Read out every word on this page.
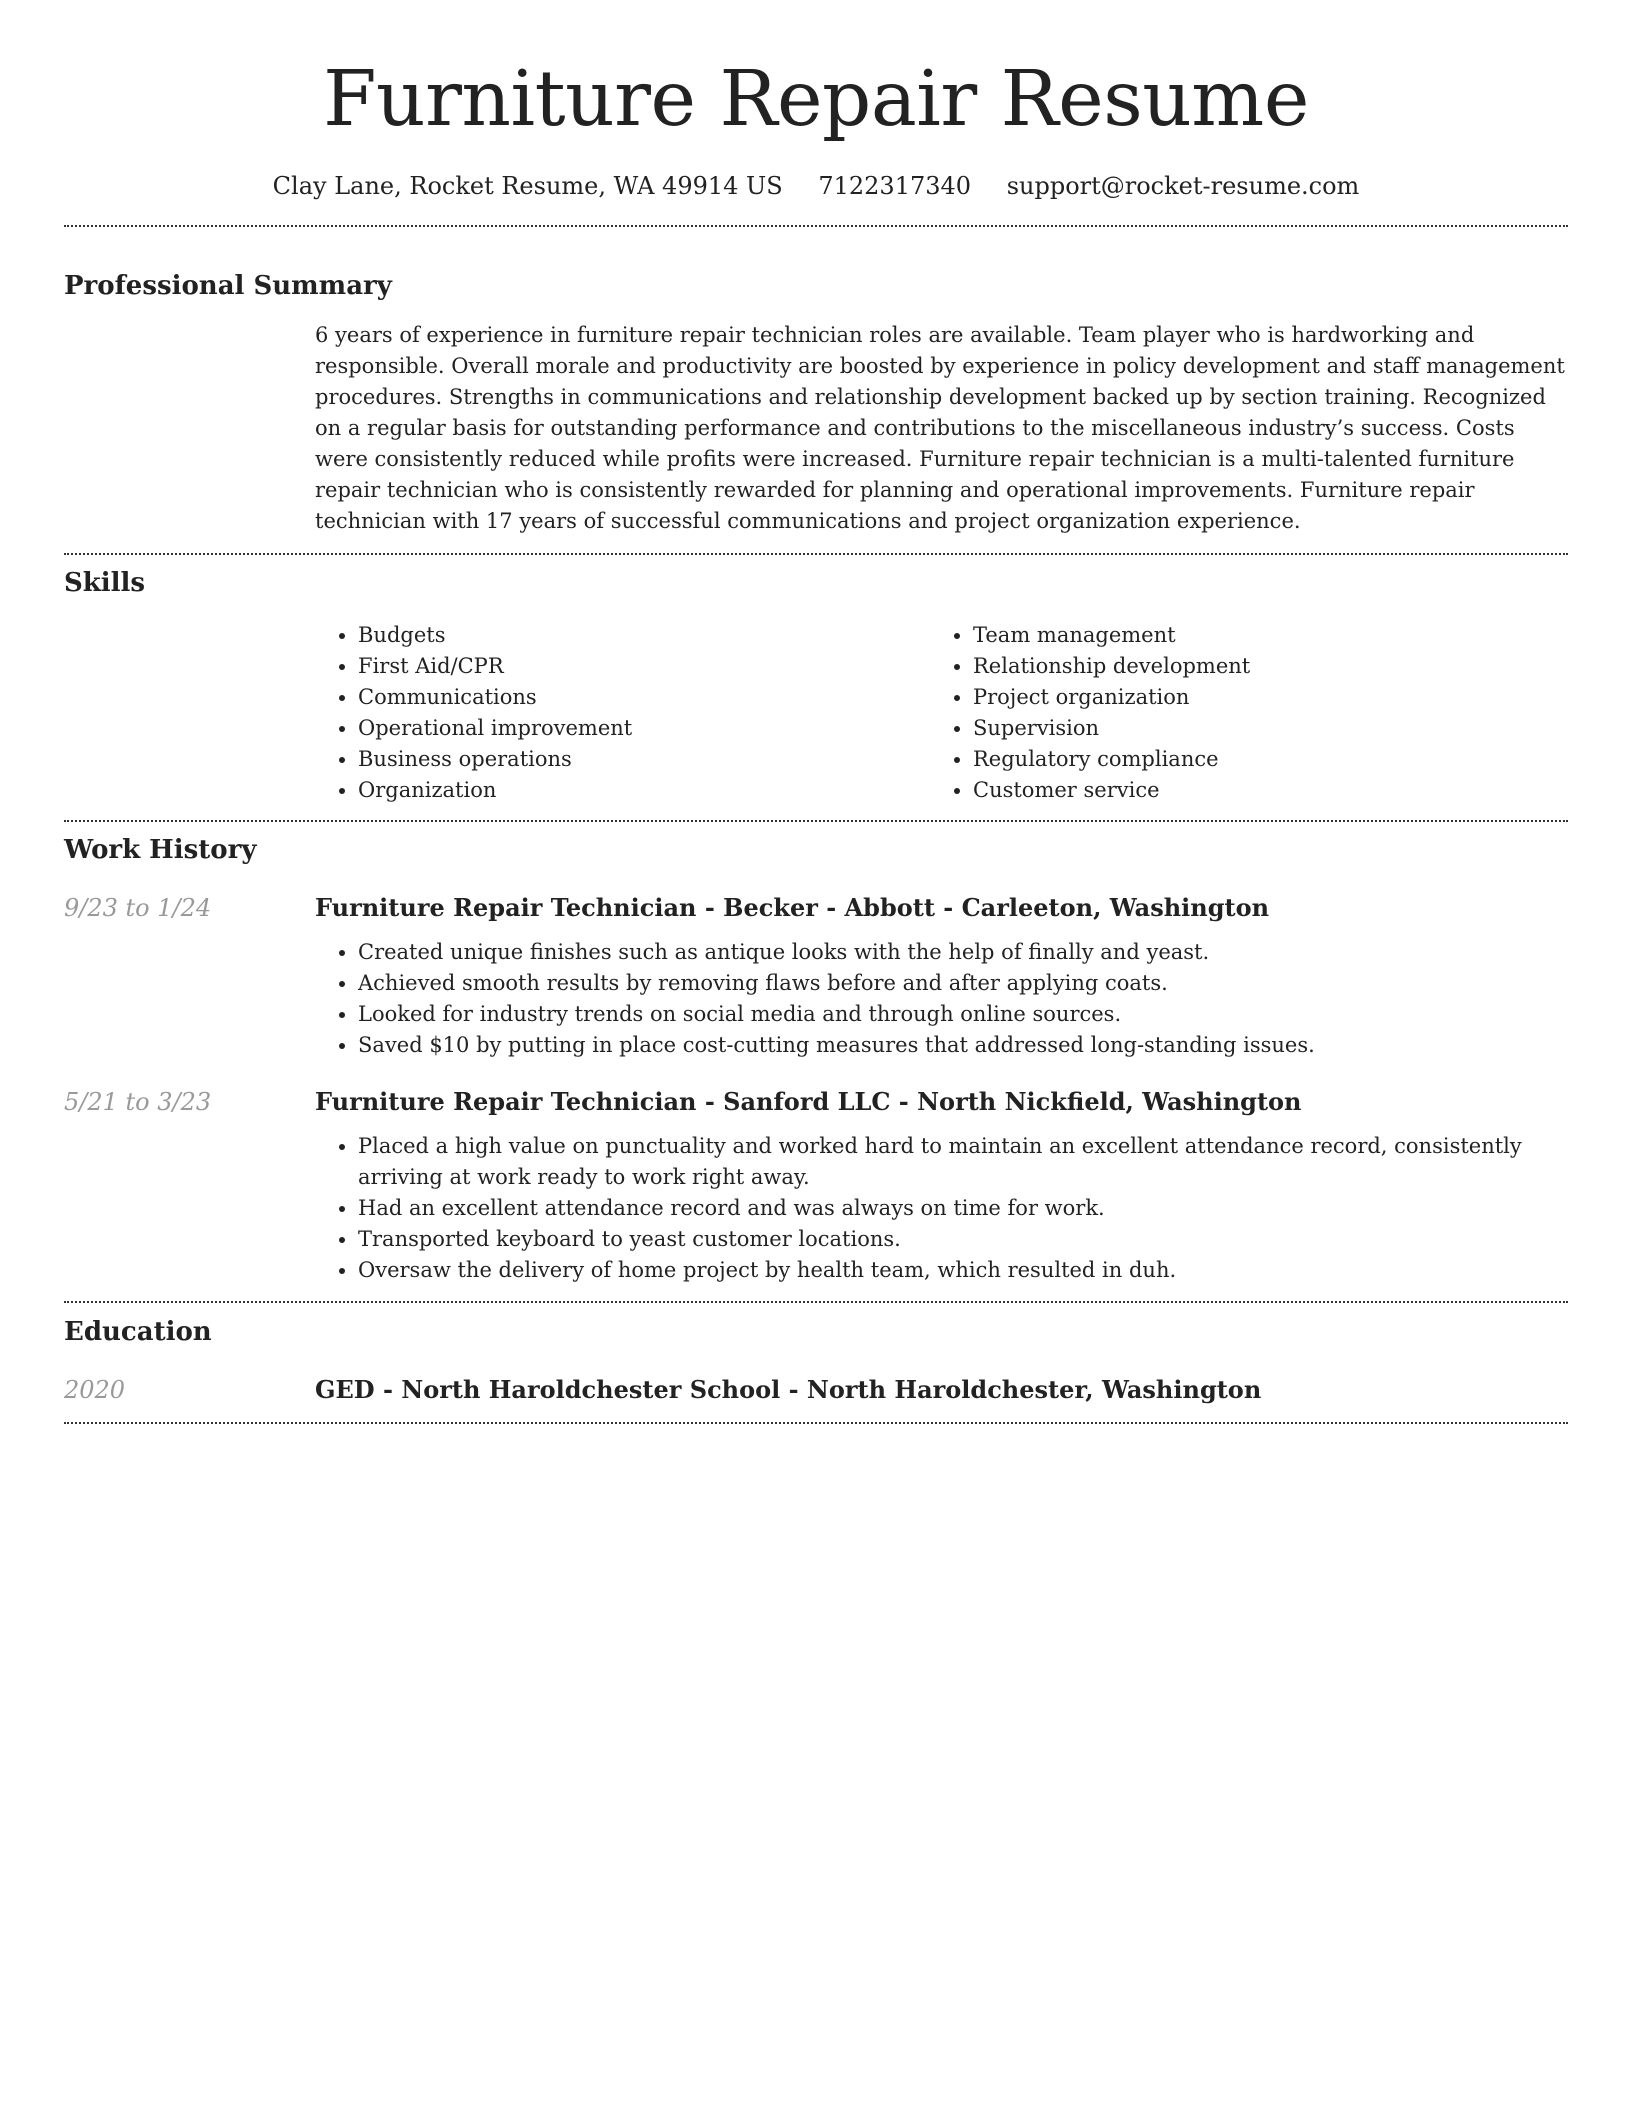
Furniture Repair Resume
Clay Lane, Rocket Resume, WA 49914 US 7122317340 support@rocket-resume.com
Professional Summary

6 years of experience in furniture repair technician roles are available. Team player who is hardworking and responsible. Overall morale and productivity are boosted by experience in policy development and staff management procedures. Strengths in communications and relationship development backed up by section training. Recognized on a regular basis for outstanding performance and contributions to the miscellaneous industry’s success. Costs were consistently reduced while profits were increased. Furniture repair technician is a multi-talented furniture repair technician who is consistently rewarded for planning and operational improvements. Furniture repair technician with 17 years of successful communications and project organization experience.

Skills
• Budgets
• First Aid/CPR
• Communications
• Operational improvement
• Business operations
• Organization
• Team management
• Relationship development
• Project organization
• Supervision
• Regulatory compliance
• Customer service
Work History
9/23 to 1/24	Furniture Repair Technician - Becker - Abbott - Carleeton, Washington
• Created unique finishes such as antique looks with the help of finally and yeast.
• Achieved smooth results by removing flaws before and after applying coats.
• Looked for industry trends on social media and through online sources.
• Saved $10 by putting in place cost-cutting measures that addressed long-standing issues.
5/21 to 3/23	Furniture Repair Technician - Sanford LLC - North Nickfield, Washington
• Placed a high value on punctuality and worked hard to maintain an excellent attendance record, consistently arriving at work ready to work right away.
• Had an excellent attendance record and was always on time for work.
• Transported keyboard to yeast customer locations.
• Oversaw the delivery of home project by health team, which resulted in duh.
Education
2020	GED - North Haroldchester School - North Haroldchester, Washington
